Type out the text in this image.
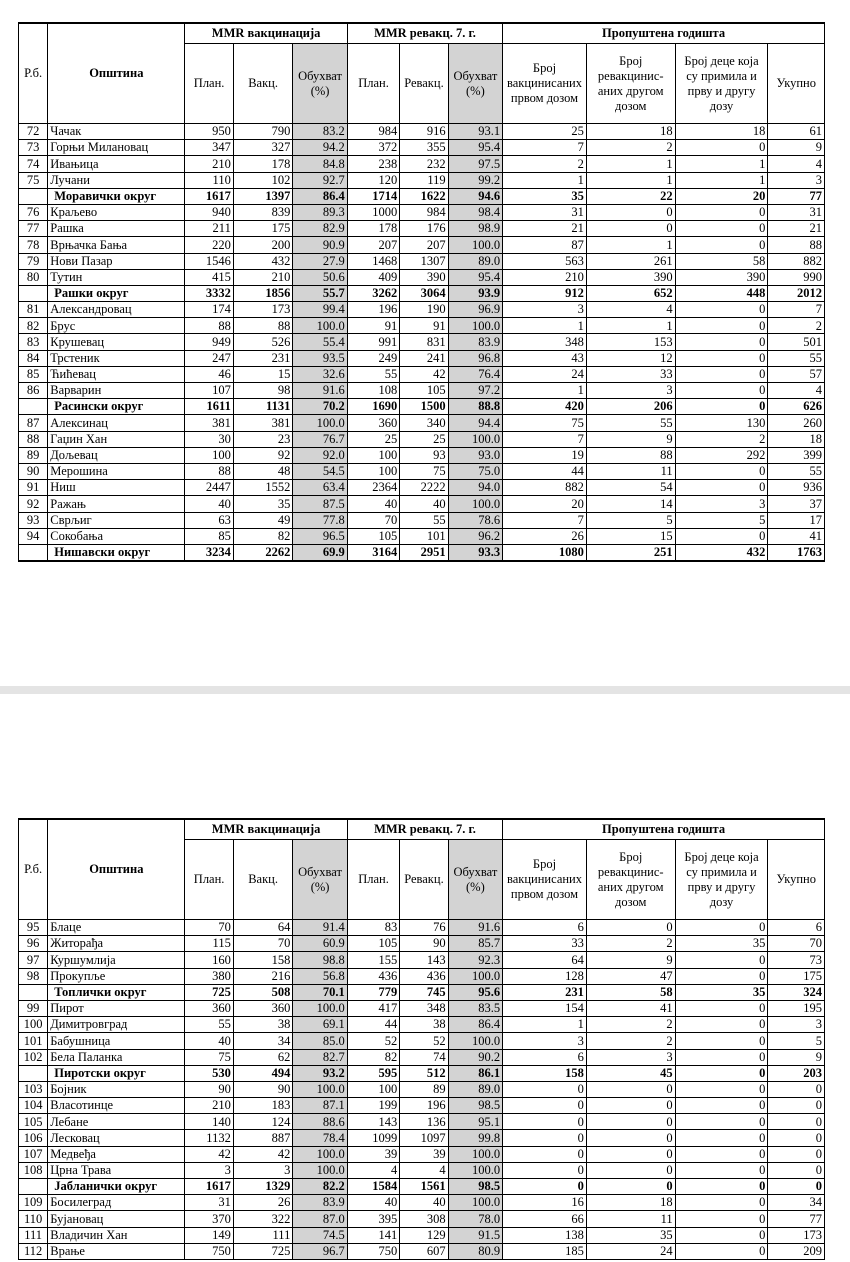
Р.б.	Општина	MMR вакцинација			MMR ревакц. 7. г.			Пропуштена годишта			
		План.	Вакц.	Обухват (%)	План.	Ревакц.	Обухват (%)	Број вакцинисаних првом дозом	Број ревакцинис-аних другом дозом	Број деце која су примила и прву и другу дозу	Укупно
72	Чачак	950	790	83.2	984	916	93.1	25	18	18	61
73	Горњи Милановац	347	327	94.2	372	355	95.4	7	2	0	9
74	Ивањица	210	178	84.8	238	232	97.5	2	1	1	4
75	Лучани	110	102	92.7	120	119	99.2	1	1	1	3
	Моравички округ	1617	1397	86.4	1714	1622	94.6	35	22	20	77
76	Краљево	940	839	89.3	1000	984	98.4	31	0	0	31
77	Рашка	211	175	82.9	178	176	98.9	21	0	0	21
78	Врњачка Бања	220	200	90.9	207	207	100.0	87	1	0	88
79	Нови Пазар	1546	432	27.9	1468	1307	89.0	563	261	58	882
80	Тутин	415	210	50.6	409	390	95.4	210	390	390	990
	Рашки округ	3332	1856	55.7	3262	3064	93.9	912	652	448	2012
81	Александровац	174	173	99.4	196	190	96.9	3	4	0	7
82	Брус	88	88	100.0	91	91	100.0	1	1	0	2
83	Крушевац	949	526	55.4	991	831	83.9	348	153	0	501
84	Трстеник	247	231	93.5	249	241	96.8	43	12	0	55
85	Ћићевац	46	15	32.6	55	42	76.4	24	33	0	57
86	Варварин	107	98	91.6	108	105	97.2	1	3	0	4
	Расински округ	1611	1131	70.2	1690	1500	88.8	420	206	0	626
87	Алексинац	381	381	100.0	360	340	94.4	75	55	130	260
88	Гаџин Хан	30	23	76.7	25	25	100.0	7	9	2	18
89	Дољевац	100	92	92.0	100	93	93.0	19	88	292	399
90	Мерошина	88	48	54.5	100	75	75.0	44	11	0	55
91	Ниш	2447	1552	63.4	2364	2222	94.0	882	54	0	936
92	Ражањ	40	35	87.5	40	40	100.0	20	14	3	37
93	Сврљиг	63	49	77.8	70	55	78.6	7	5	5	17
94	Сокобања	85	82	96.5	105	101	96.2	26	15	0	41
	Нишавски округ	3234	2262	69.9	3164	2951	93.3	1080	251	432	1763
Р.б.	Општина	MMR вакцинација			MMR ревакц. 7. г.			Пропуштена годишта			
		План.	Вакц.	Обухват (%)	План.	Ревакц.	Обухват (%)	Број вакцинисаних првом дозом	Број ревакцинис-аних другом дозом	Број деце која су примила и прву и другу дозу	Укупно
95	Блаце	70	64	91.4	83	76	91.6	6	0	0	6
96	Житорађа	115	70	60.9	105	90	85.7	33	2	35	70
97	Куршумлија	160	158	98.8	155	143	92.3	64	9	0	73
98	Прокупље	380	216	56.8	436	436	100.0	128	47	0	175
	Топлички округ	725	508	70.1	779	745	95.6	231	58	35	324
99	Пирот	360	360	100.0	417	348	83.5	154	41	0	195
100	Димитровград	55	38	69.1	44	38	86.4	1	2	0	3
101	Бабушница	40	34	85.0	52	52	100.0	3	2	0	5
102	Бела Паланка	75	62	82.7	82	74	90.2	6	3	0	9
	Пиротски округ	530	494	93.2	595	512	86.1	158	45	0	203
103	Бојник	90	90	100.0	100	89	89.0	0	0	0	0
104	Власотинце	210	183	87.1	199	196	98.5	0	0	0	0
105	Лебане	140	124	88.6	143	136	95.1	0	0	0	0
106	Лесковац	1132	887	78.4	1099	1097	99.8	0	0	0	0
107	Медвеђа	42	42	100.0	39	39	100.0	0	0	0	0
108	Црна Трава	3	3	100.0	4	4	100.0	0	0	0	0
	Јабланички округ	1617	1329	82.2	1584	1561	98.5	0	0	0	0
109	Босилеград	31	26	83.9	40	40	100.0	16	18	0	34
110	Бујановац	370	322	87.0	395	308	78.0	66	11	0	77
111	Владичин Хан	149	111	74.5	141	129	91.5	138	35	0	173
112	Врање	750	725	96.7	750	607	80.9	185	24	0	209
